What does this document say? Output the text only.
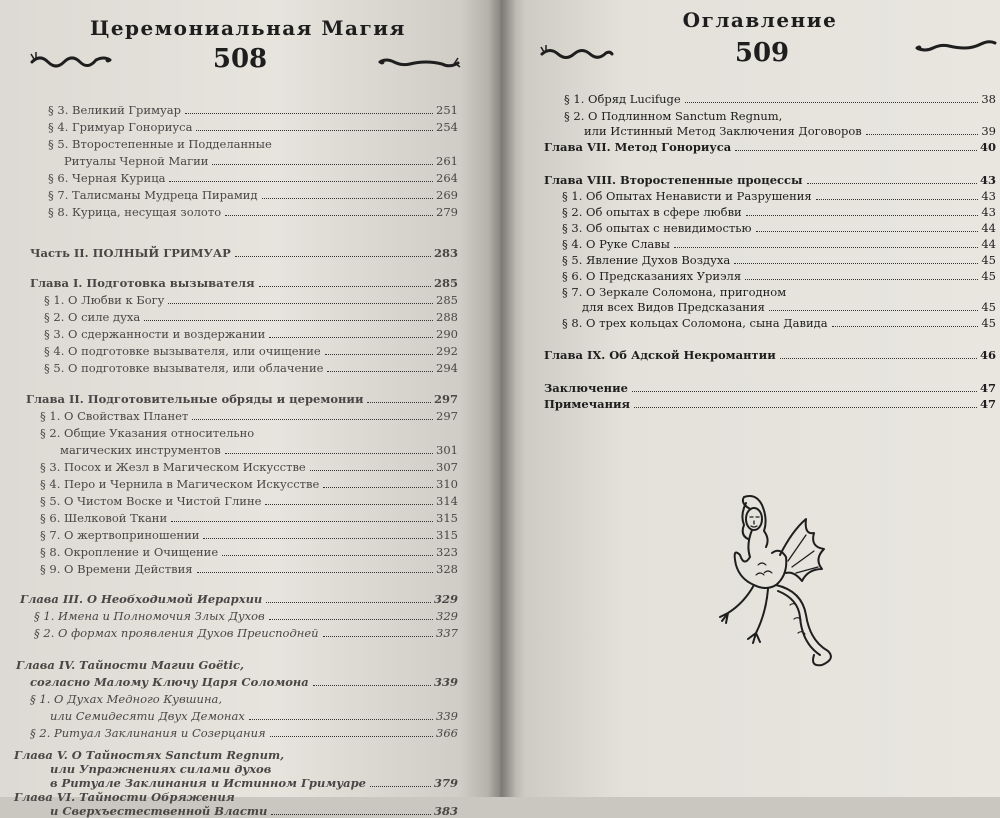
Церемониальная Магия
508
§ 3. Великий Гримуар	251
§ 4. Гримуар Гонориуса	254
§ 5. Второстепенные и Подделанные
Ритуалы Черной Магии	261
§ 6. Черная Курица	264
§ 7. Талисманы Мудреца Пирамид	269
§ 8. Курица, несущая золото	279
Часть II. ПОЛНЫЙ ГРИМУАР	283
Глава I. Подготовка вызывателя	285
§ 1. О Любви к Богу	285
§ 2. О силе духа	288
§ 3. О сдержанности и воздержании	290
§ 4. О подготовке вызывателя, или очищение	292
§ 5. О подготовке вызывателя, или облачение	294
Глава II. Подготовительные обряды и церемонии	297
§ 1. О Свойствах Планет	297
§ 2. Общие Указания относительно
магических инструментов	301
§ 3. Посох и Жезл в Магическом Искусстве	307
§ 4. Перо и Чернила в Магическом Искусстве	310
§ 5. О Чистом Воске и Чистой Глине	314
§ 6. Шелковой Ткани	315
§ 7. О жертвоприношении	315
§ 8. Окропление и Очищение	323
§ 9. О Времени Действия	328
Глава III. О Необходимой Иерархии	329
§ 1. Имена и Полномочия Злых Духов	329
§ 2. О формах проявления Духов Преисподней	337
Глава IV. Тайности Магии Goëtic,
согласно Малому Ключу Царя Соломона	339
§ 1. О Духах Медного Кувшина,
или Семидесяти Двух Демонах	339
§ 2. Ритуал Заклинания и Созерцания	366
Глава V. О Тайностях Sanctum Regnum,
или Упражнениях силами духов
в Ритуале Заклинания и Истинном Гримуаре	379
Глава VI. Тайности Обряжения
и Сверхъестественной Власти	383
Оглавление
509
§ 1. Обряд Lucifuge	38
§ 2. О Подлинном Sanctum Regnum,
или Истинный Метод Заключения Договоров	39
Глава VII. Метод Гонориуса	40
Глава VIII. Второстепенные процессы	43
§ 1. Об Опытах Ненависти и Разрушения	43
§ 2. Об опытах в сфере любви	43
§ 3. Об опытах с невидимостью	44
§ 4. О Руке Славы	44
§ 5. Явление Духов Воздуха	45
§ 6. О Предсказаниях Уриэля	45
§ 7. О Зеркале Соломона, пригодном
для всех Видов Предсказания	45
§ 8. О трех кольцах Соломона, сына Давида	45
Глава IX. Об Адской Некромантии	46
Заключение	47
Примечания	47
